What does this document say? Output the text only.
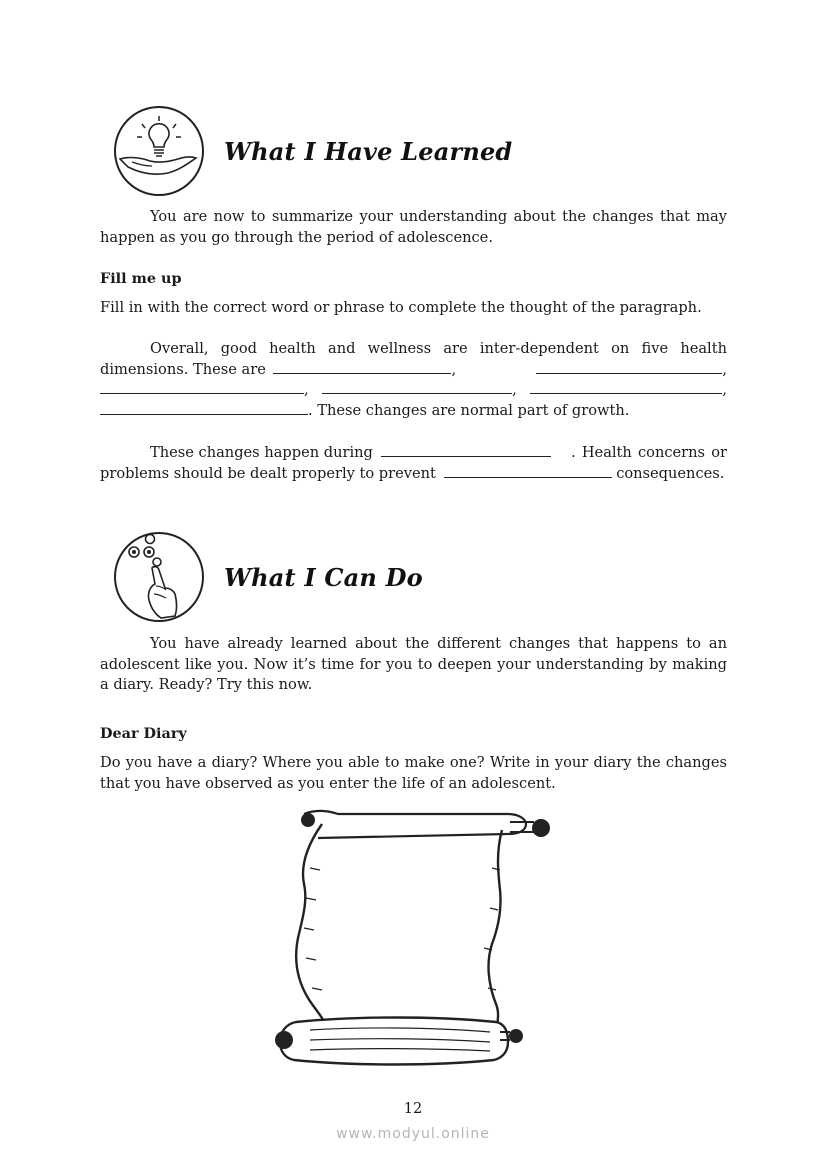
What I Have Learned

You are now to summarize your understanding about the changes that may happen as you go through the period of adolescence.

Fill me up

Fill in with the correct word or phrase to complete the thought of the paragraph.

Overall, good health and wellness are inter-dependent on five health
dimensions. These are	,	,
,	,	,
. These changes are normal part of growth.
These changes happen during	. Health concerns or
problems should be dealt properly to prevent	consequences.
What I Can Do

You have already learned about the different changes that happens to an adolescent like you. Now it’s time for you to deepen your understanding by making a diary. Ready? Try this now.

Dear Diary

Do you have a diary? Where you able to make one? Write in your diary the changes that you have observed as you enter the life of an adolescent.

12
www.modyul.online
